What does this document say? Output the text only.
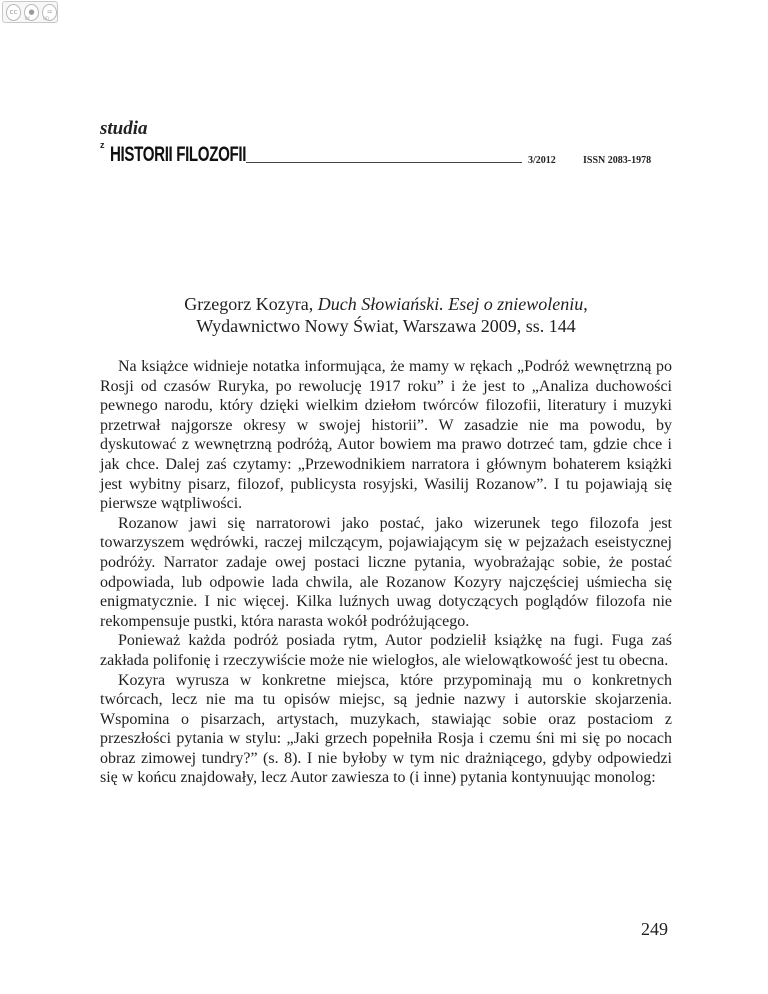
cc	●	=
BY	ND
studia
z HISTORII FILOZOFII	3/2012	ISSN 2083-1978
Grzegorz Kozyra, Duch Słowiański. Esej o zniewoleniu,
Wydawnictwo Nowy Świat, Warszawa 2009, ss. 144

Na książce widnieje notatka informująca, że mamy w rękach „Podróż wewnętrzną po Rosji od czasów Ruryka, po rewolucję 1917 roku” i że jest to „Analiza duchowości pewnego narodu, który dzięki wielkim dziełom twórców filozofii, literatury i muzyki przetrwał najgorsze okresy w swojej historii”. W zasadzie nie ma powodu, by dyskutować z wewnętrzną podróżą, Autor bowiem ma prawo dotrzeć tam, gdzie chce i jak chce. Dalej zaś czytamy: „Przewodnikiem narratora i głównym bohaterem książki jest wybitny pisarz, filozof, publicysta rosyjski, Wasilij Rozanow”. I tu pojawiają się pierwsze wątpliwości.

Rozanow jawi się narratorowi jako postać, jako wizerunek tego filozofa jest towarzyszem wędrówki, raczej milczącym, pojawiającym się w pejzażach eseistycznej podróży. Narrator zadaje owej postaci liczne pytania, wyobrażając sobie, że postać odpowiada, lub odpowie lada chwila, ale Rozanow Kozyry najczęściej uśmiecha się enigmatycznie. I nic więcej. Kilka luźnych uwag dotyczących poglądów filozofa nie rekompensuje pustki, która narasta wokół podróżującego.

Ponieważ każda podróż posiada rytm, Autor podzielił książkę na fugi. Fuga zaś zakłada polifonię i rzeczywiście może nie wielogłos, ale wielowątkowość jest tu obecna.

Kozyra wyrusza w konkretne miejsca, które przypominają mu o konkretnych twórcach, lecz nie ma tu opisów miejsc, są jednie nazwy i autorskie skojarzenia. Wspomina o pisarzach, artystach, muzykach, stawiając sobie oraz postaciom z przeszłości pytania w stylu: „Jaki grzech popełniła Rosja i czemu śni mi się po nocach obraz zimowej tundry?” (s. 8). I nie byłoby w tym nic drażniącego, gdyby odpowiedzi się w końcu znajdowały, lecz Autor zawiesza to (i inne) pytania kontynuując monolog:

249
